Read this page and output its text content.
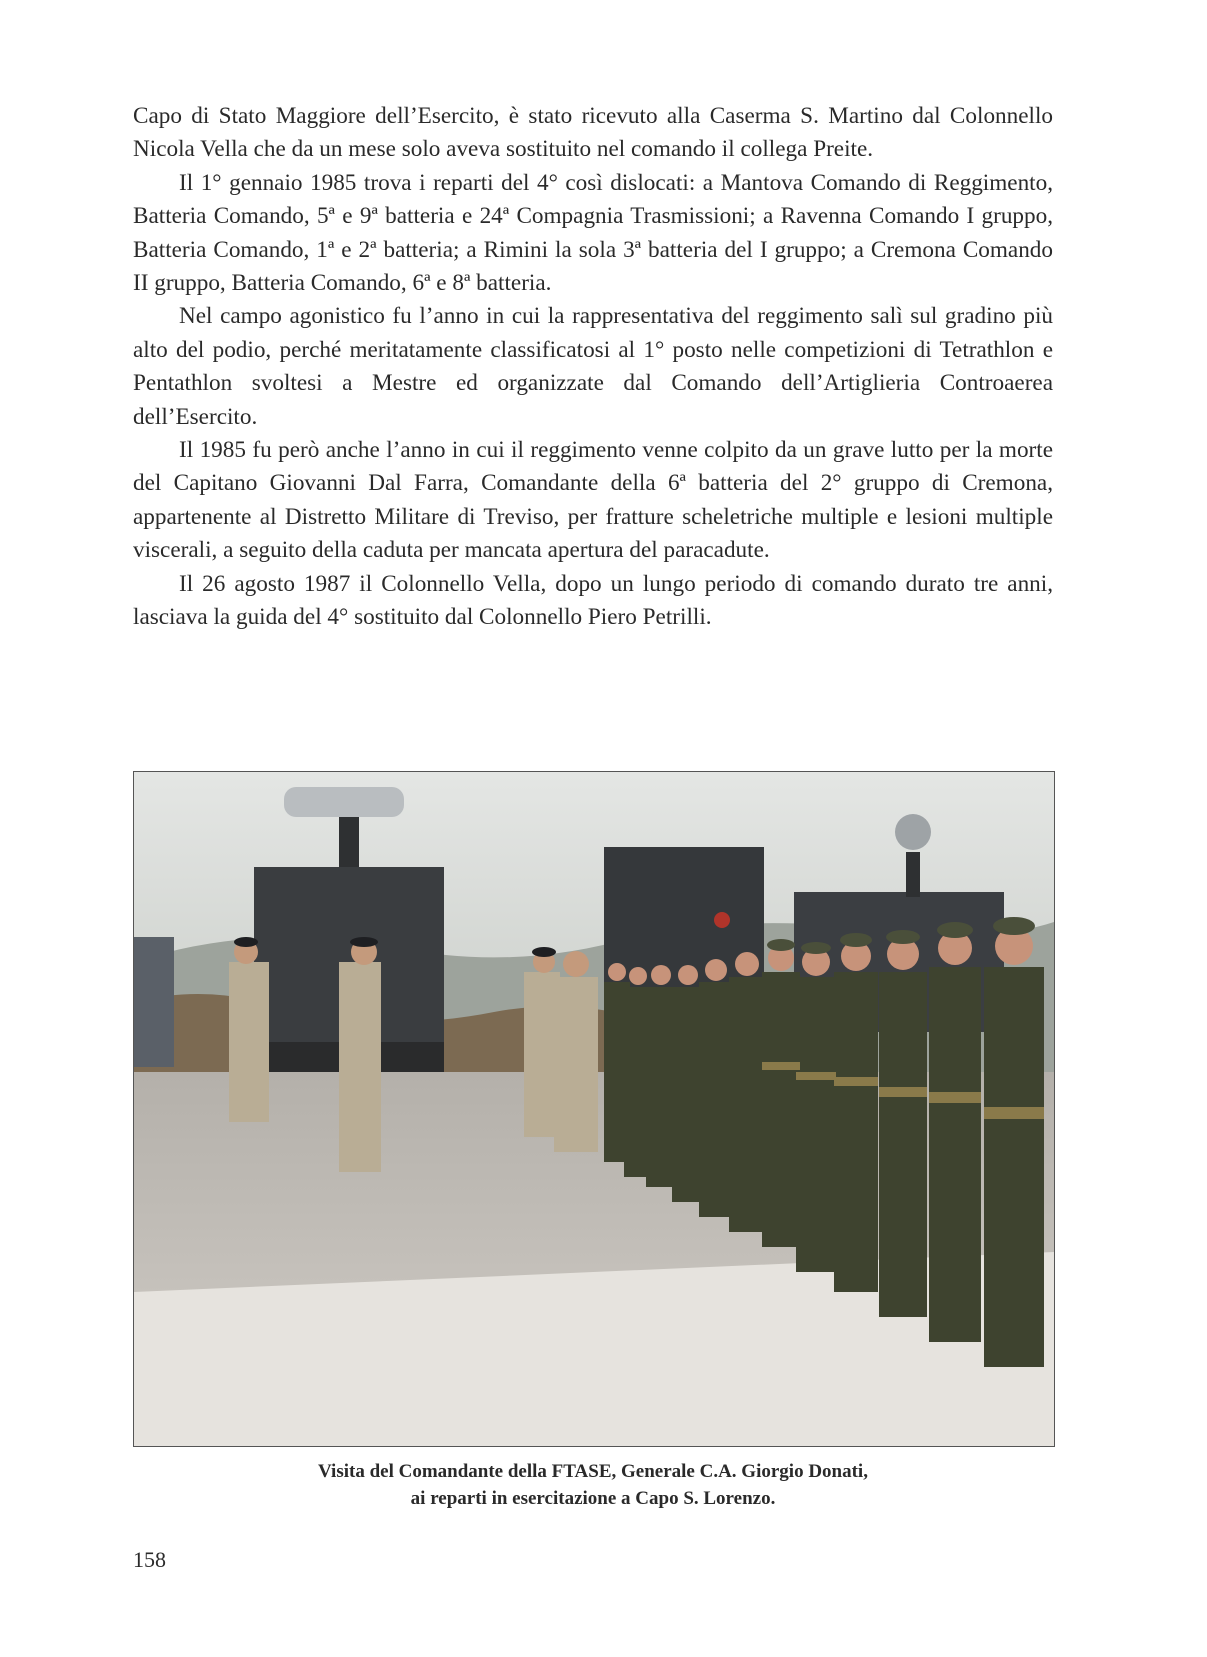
Capo di Stato Maggiore dell’Esercito, è stato ricevuto alla Caserma S. Martino dal Colonnello Nicola Vella che da un mese solo aveva sostituito nel comando il collega Preite.

Il 1° gennaio 1985 trova i reparti del 4° così dislocati: a Mantova Comando di Reggimento, Batteria Comando, 5ª e 9ª batteria e 24ª Compagnia Trasmissioni; a Ravenna Comando I gruppo, Batteria Comando, 1ª e 2ª batteria; a Rimini la sola 3ª batteria del I gruppo; a Cremona Comando II gruppo, Batteria Comando, 6ª e 8ª batteria.

Nel campo agonistico fu l’anno in cui la rappresentativa del reggimento salì sul gradino più alto del podio, perché meritatamente classificatosi al 1° posto nelle competizioni di Tetrathlon e Pentathlon svoltesi a Mestre ed organizzate dal Comando dell’Artiglieria Controaerea dell’Esercito.

Il 1985 fu però anche l’anno in cui il reggimento venne colpito da un grave lutto per la morte del Capitano Giovanni Dal Farra, Comandante della 6ª batteria del 2° gruppo di Cremona, appartenente al Distretto Militare di Treviso, per fratture scheletriche multiple e lesioni multiple viscerali, a seguito della caduta per mancata apertura del paracadute.

Il 26 agosto 1987 il Colonnello Vella, dopo un lungo periodo di comando durato tre anni, lasciava la guida del 4° sostituito dal Colonnello Piero Petrilli.

Visita del Comandante della FTASE, Generale C.A. Giorgio Donati,
ai reparti in esercitazione a Capo S. Lorenzo.
158
